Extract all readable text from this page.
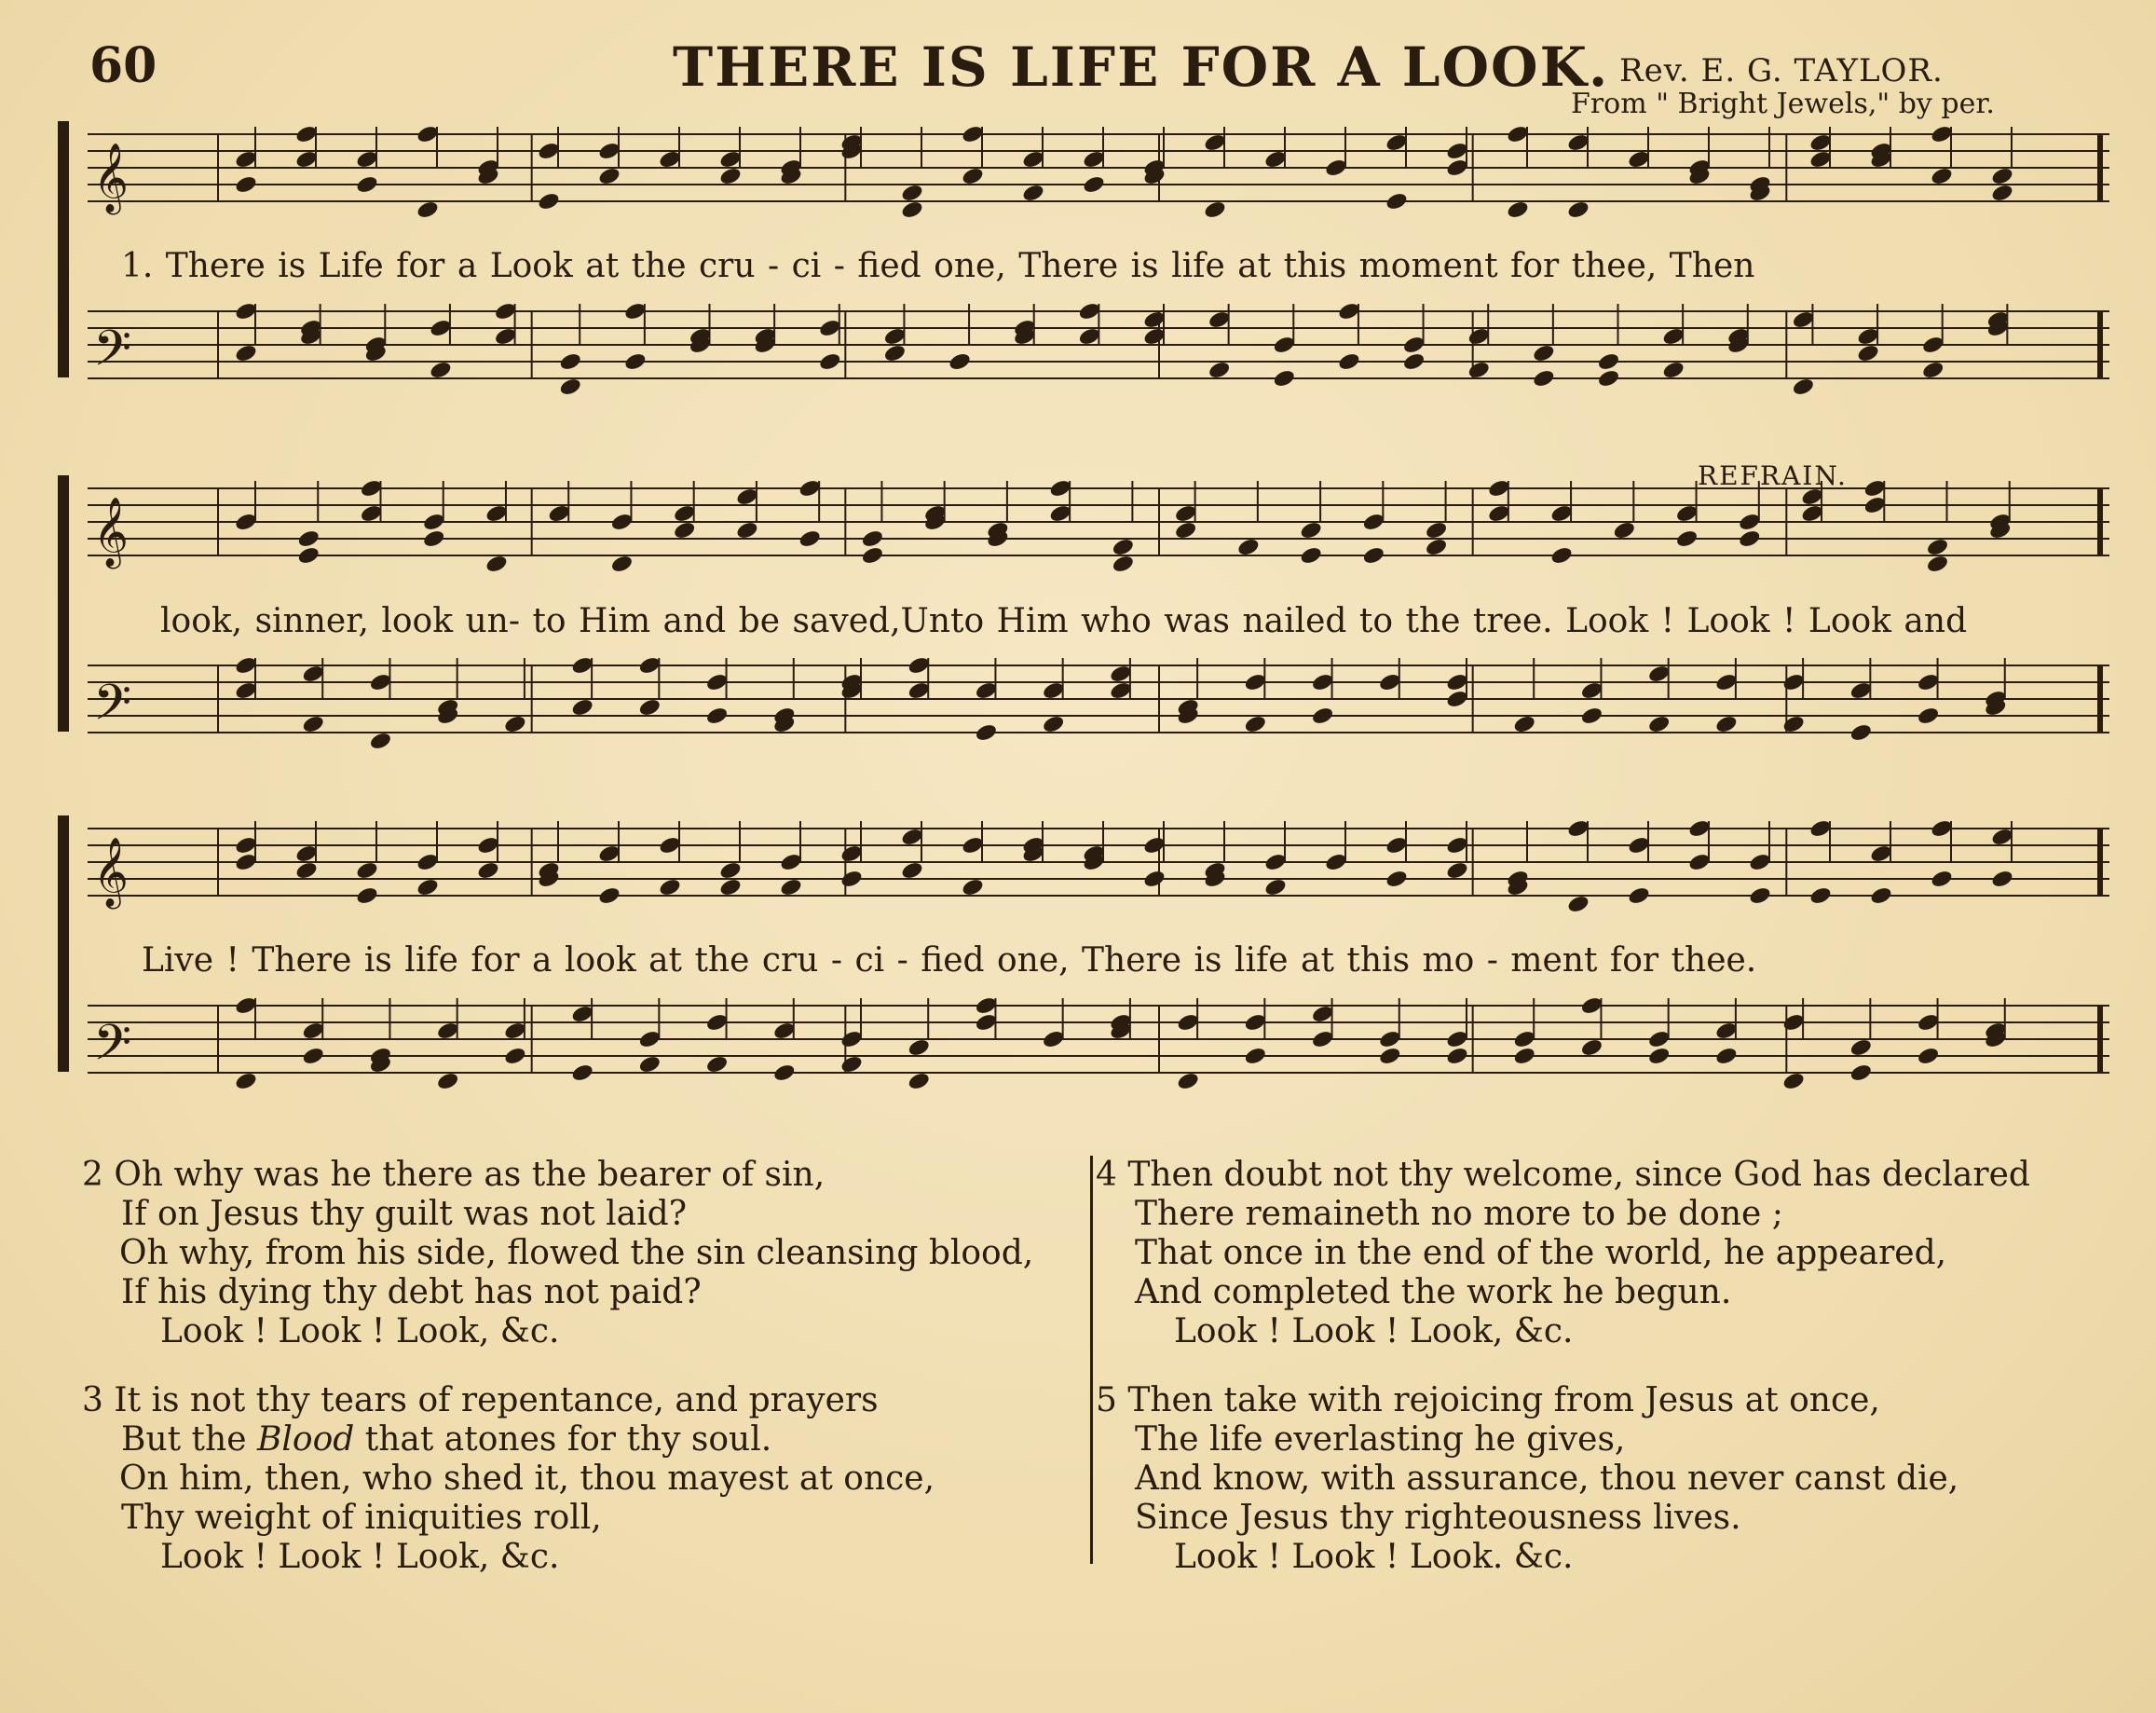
60	THERE IS LIFE FOR A LOOK. Rev. E. G. TAYLOR.
From " Bright Jewels," by per.
𝄞
1. There is Life for a Look at the cru - ci - fied one, There is life at this moment for thee, Then
𝄢
𝄞
REFRAIN.
look, sinner, look un- to Him and be saved,Unto Him who was nailed to the tree. Look ! Look ! Look and
𝄢
𝄞
Live ! There is life for a look at the cru - ci - fied one, There is life at this mo - ment for thee.
𝄢
2 Oh why was he there as the bearer of sin,
If on Jesus thy guilt was not laid?
Oh why, from his side, flowed the sin cleansing blood,
If his dying thy debt has not paid?
Look ! Look ! Look, &c.
3 It is not thy tears of repentance, and prayers
But the Blood that atones for thy soul.
On him, then, who shed it, thou mayest at once,
Thy weight of iniquities roll,
Look ! Look ! Look, &c.
4 Then doubt not thy welcome, since God has declared
There remaineth no more to be done ;
That once in the end of the world, he appeared,
And completed the work he begun.
Look ! Look ! Look, &c.
5 Then take with rejoicing from Jesus at once,
The life everlasting he gives,
And know, with assurance, thou never canst die,
Since Jesus thy righteousness lives.
Look ! Look ! Look. &c.
